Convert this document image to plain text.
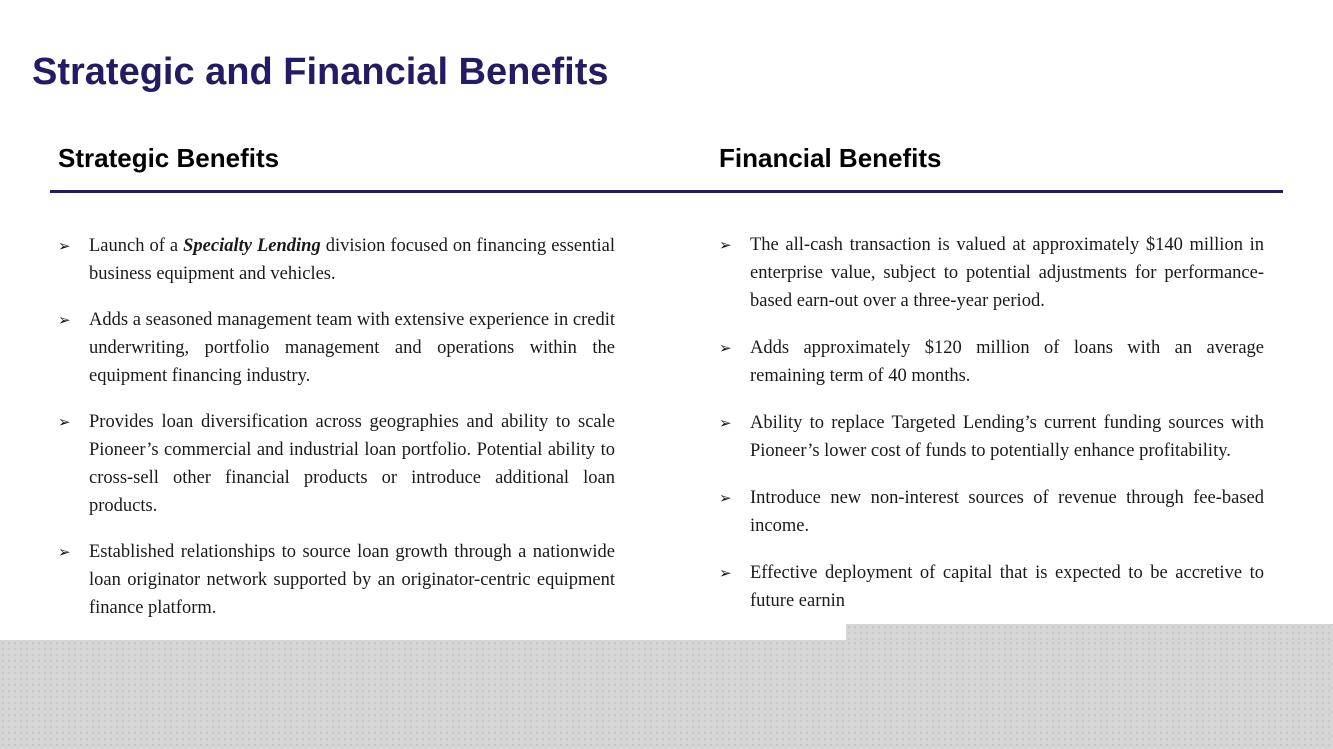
Strategic and Financial Benefits
Strategic Benefits	Financial Benefits
➢ Launch of a Specialty Lending division focused on financing essential business equipment and vehicles.
➢ Adds a seasoned management team with extensive experience in credit underwriting, portfolio management and operations within the equipment financing industry.
➢ Provides loan diversification across geographies and ability to scale Pioneer’s commercial and industrial loan portfolio. Potential ability to cross-sell other financial products or introduce additional loan products.
➢ Established relationships to source loan growth through a nationwide loan originator network supported by an originator-centric equipment finance platform.
➢ The all-cash transaction is valued at approximately $140 million in enterprise value, subject to potential adjustments for performance-based earn-out over a three-year period.
➢ Adds approximately $120 million of loans with an average remaining term of 40 months.
➢ Ability to replace Targeted Lending’s current funding sources with Pioneer’s lower cost of funds to potentially enhance profitability.
➢ Introduce new non-interest sources of revenue through fee-based income.
➢ Effective deployment of capital that is expected to be accretive to future earnin
